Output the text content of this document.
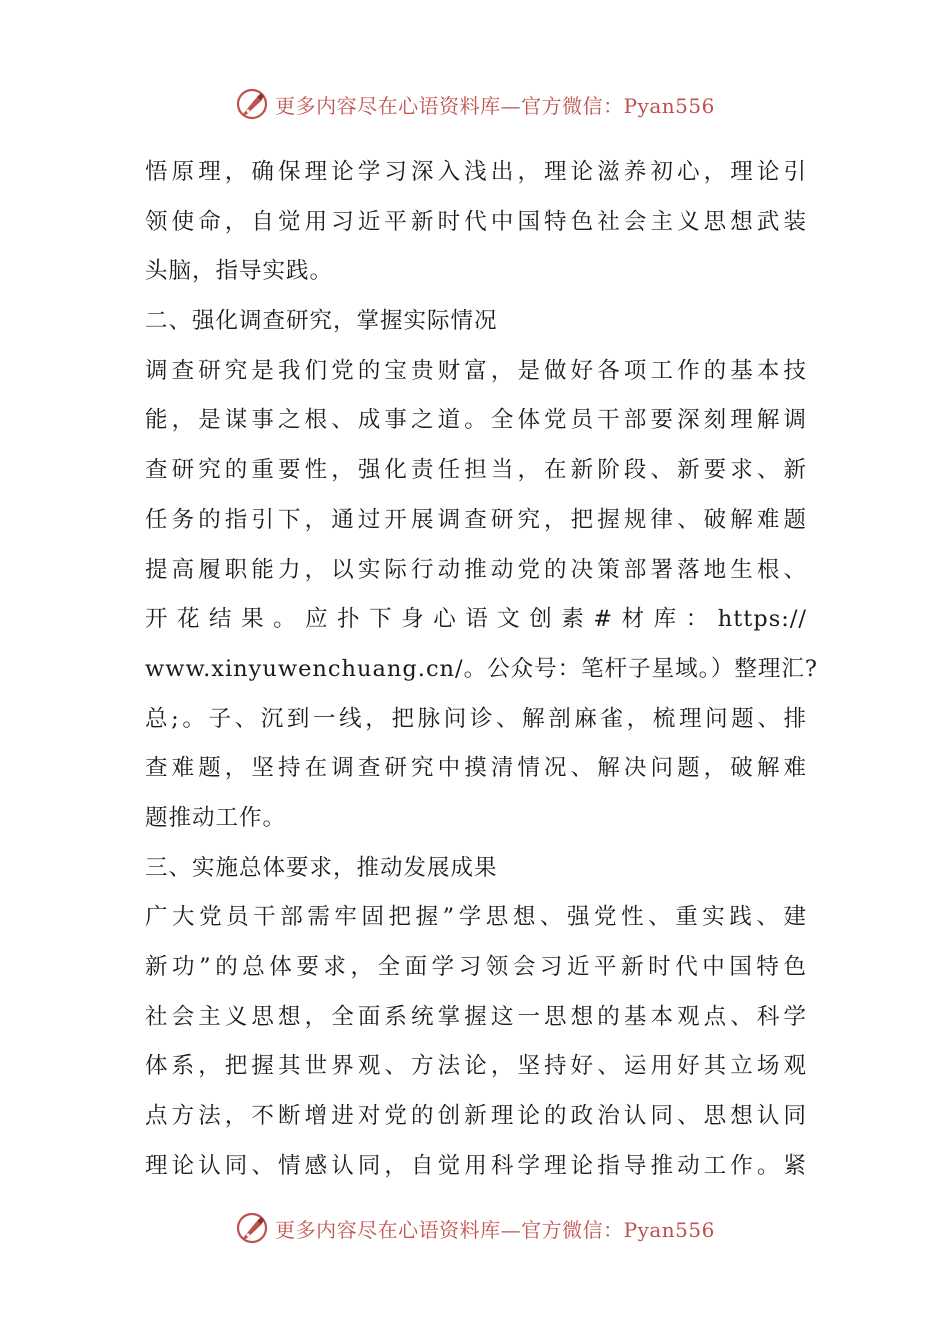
更多内容尽在心语资料库—官方微信：Pyan556
悟原理，确保理论学习深入浅出，理论滋养初心，理论引
领使命，自觉用习近平新时代中国特色社会主义思想武装
头脑，指导实践。
二、强化调查研究，掌握实际情况
调查研究是我们党的宝贵财富，是做好各项工作的基本技
能，是谋事之根、成事之道。全体党员干部要深刻理解调
查研究的重要性，强化责任担当，在新阶段、新要求、新
任务的指引下，通过开展调查研究，把握规律、破解难题
提高履职能力，以实际行动推动党的决策部署落地生根、
开花结果。应扑下身心语文创素#材库：https://
www.xinyuwenchuang.cn/。公众号：笔杆子星域。）整理汇?
总;。子、沉到一线，把脉问诊、解剖麻雀，梳理问题、排
查难题，坚持在调查研究中摸清情况、解决问题，破解难
题推动工作。
三、实施总体要求，推动发展成果
广大党员干部需牢固把握”学思想、强党性、重实践、建
新功”的总体要求，全面学习领会习近平新时代中国特色
社会主义思想，全面系统掌握这一思想的基本观点、科学
体系，把握其世界观、方法论，坚持好、运用好其立场观
点方法，不断增进对党的创新理论的政治认同、思想认同
理论认同、情感认同，自觉用科学理论指导推动工作。紧
更多内容尽在心语资料库—官方微信：Pyan556
